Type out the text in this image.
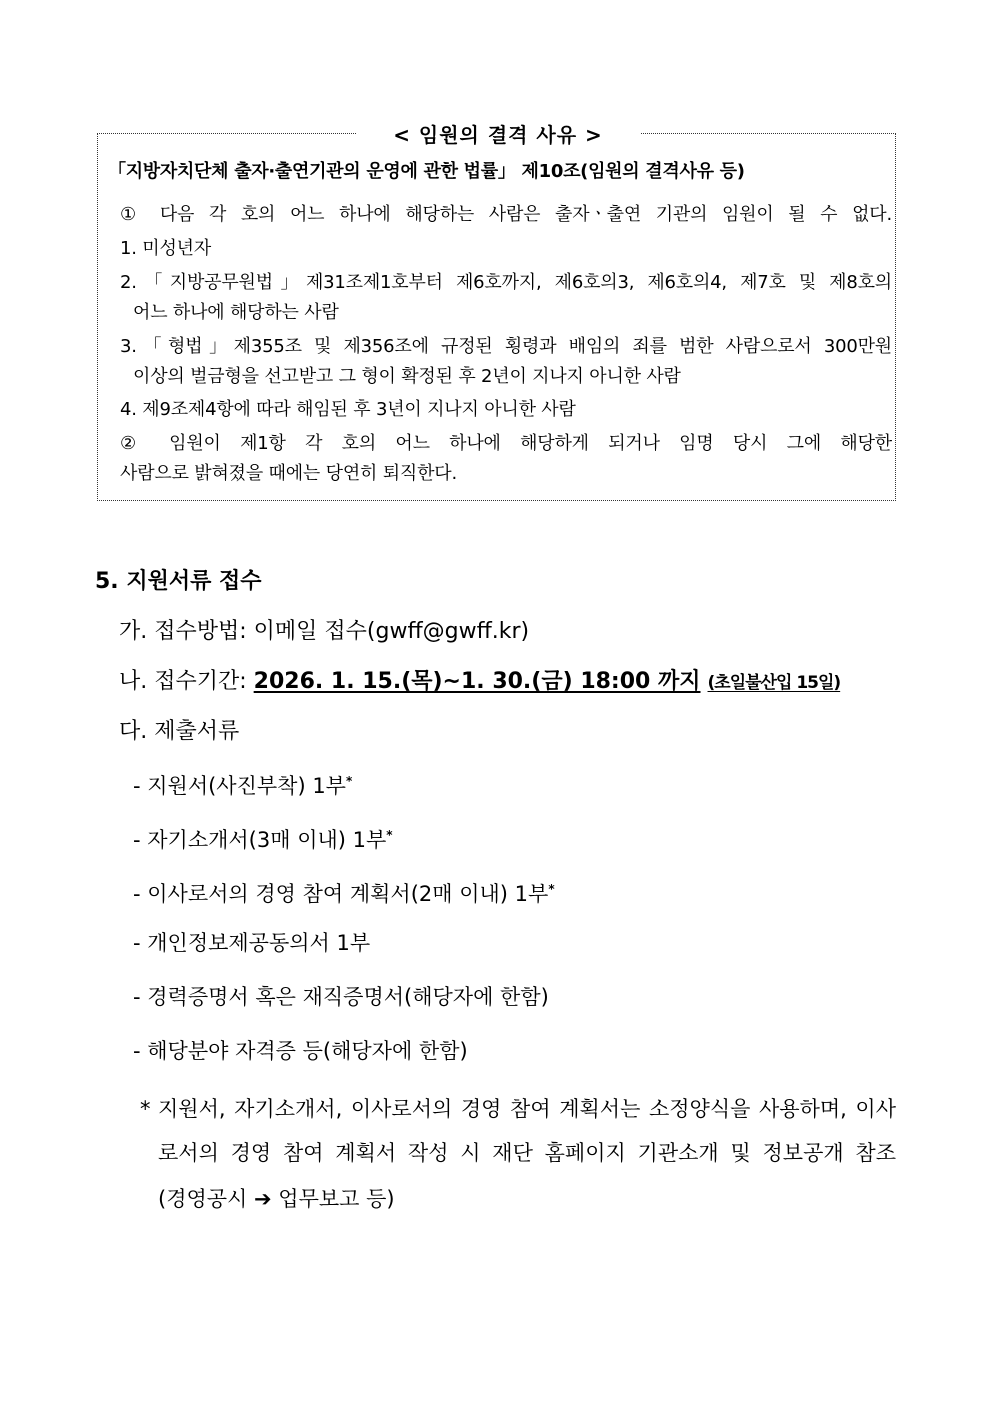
< 임원의 결격 사유 >
「지방자치단체 출자·출연기관의 운영에 관한 법률」 제10조(임원의 결격사유 등)
① 다음 각 호의 어느 하나에 해당하는 사람은 출자ㆍ출연 기관의 임원이 될 수 없다.
1. 미성년자
2.「지방공무원법」제31조제1호부터 제6호까지, 제6호의3, 제6호의4, 제7호 및 제8호의
어느 하나에 해당하는 사람
3.「형법」제355조 및 제356조에 규정된 횡령과 배임의 죄를 범한 사람으로서 300만원
이상의 벌금형을 선고받고 그 형이 확정된 후 2년이 지나지 아니한 사람
4. 제9조제4항에 따라 해임된 후 3년이 지나지 아니한 사람
② 임원이 제1항 각 호의 어느 하나에 해당하게 되거나 임명 당시 그에 해당한
사람으로 밝혀졌을 때에는 당연히 퇴직한다.
5. 지원서류 접수
가. 접수방법: 이메일 접수(gwff@gwff.kr)
나. 접수기간: 2026. 1. 15.(목)~1. 30.(금) 18:00 까지 (초일불산입 15일)
다. 제출서류
- 지원서(사진부착) 1부*
- 자기소개서(3매 이내) 1부*
- 이사로서의 경영 참여 계획서(2매 이내) 1부*
- 개인정보제공동의서 1부
- 경력증명서 혹은 재직증명서(해당자에 한함)
- 해당분야 자격증 등(해당자에 한함)
* 지원서, 자기소개서, 이사로서의 경영 참여 계획서는 소정양식을 사용하며, 이사
로서의 경영 참여 계획서 작성 시 재단 홈페이지 기관소개 및 정보공개 참조
(경영공시 ➔ 업무보고 등)
